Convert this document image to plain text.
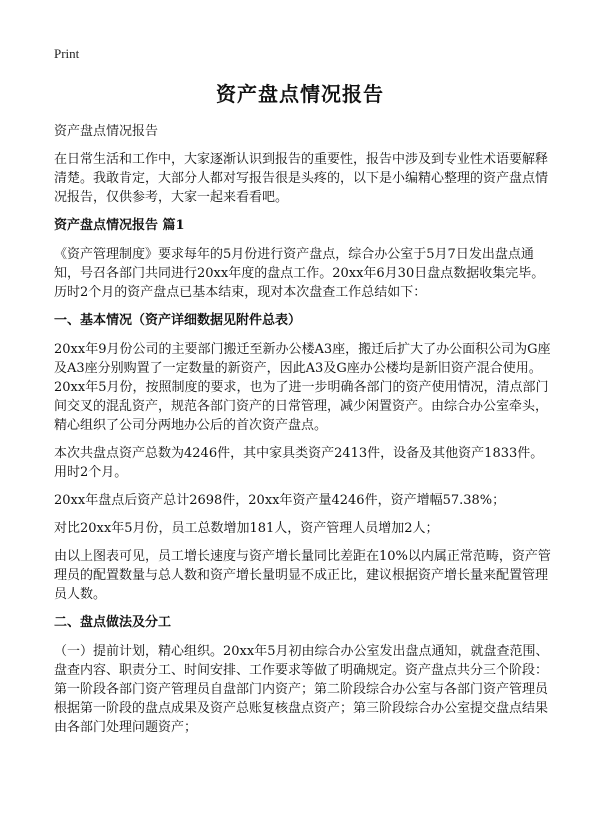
Print
资产盘点情况报告

资产盘点情况报告

在日常生活和工作中，大家逐渐认识到报告的重要性，报告中涉及到专业性术语要解释清楚。我敢肯定，大部分人都对写报告很是头疼的，以下是小编精心整理的资产盘点情况报告，仅供参考，大家一起来看看吧。

资产盘点情况报告 篇1

《资产管理制度》要求每年的5月份进行资产盘点，综合办公室于5月7日发出盘点通知，号召各部门共同进行20xx年度的盘点工作。20xx年6月30日盘点数据收集完毕。历时2个月的资产盘点已基本结束，现对本次盘查工作总结如下：

一、基本情况（资产详细数据见附件总表）

20xx年9月份公司的主要部门搬迁至新办公楼A3座，搬迁后扩大了办公面积公司为G座及A3座分别购置了一定数量的新资产，因此A3及G座办公楼均是新旧资产混合使用。20xx年5月份，按照制度的要求，也为了进一步明确各部门的资产使用情况，清点部门间交叉的混乱资产，规范各部门资产的日常管理，减少闲置资产。由综合办公室牵头，精心组织了公司分两地办公后的首次资产盘点。

本次共盘点资产总数为4246件，其中家具类资产2413件，设备及其他资产1833件。用时2个月。

20xx年盘点后资产总计2698件，20xx年资产量4246件，资产增幅57.38%；

对比20xx年5月份，员工总数增加181人，资产管理人员增加2人；

由以上图表可见，员工增长速度与资产增长量同比差距在10%以内属正常范畴，资产管理员的配置数量与总人数和资产增长量明显不成正比，建议根据资产增长量来配置管理员人数。

二、盘点做法及分工

（一）提前计划，精心组织。20xx年5月初由综合办公室发出盘点通知，就盘查范围、盘查内容、职责分工、时间安排、工作要求等做了明确规定。资产盘点共分三个阶段：第一阶段各部门资产管理员自盘部门内资产；第二阶段综合办公室与各部门资产管理员根据第一阶段的盘点成果及资产总账复核盘点资产；第三阶段综合办公室提交盘点结果由各部门处理问题资产；
